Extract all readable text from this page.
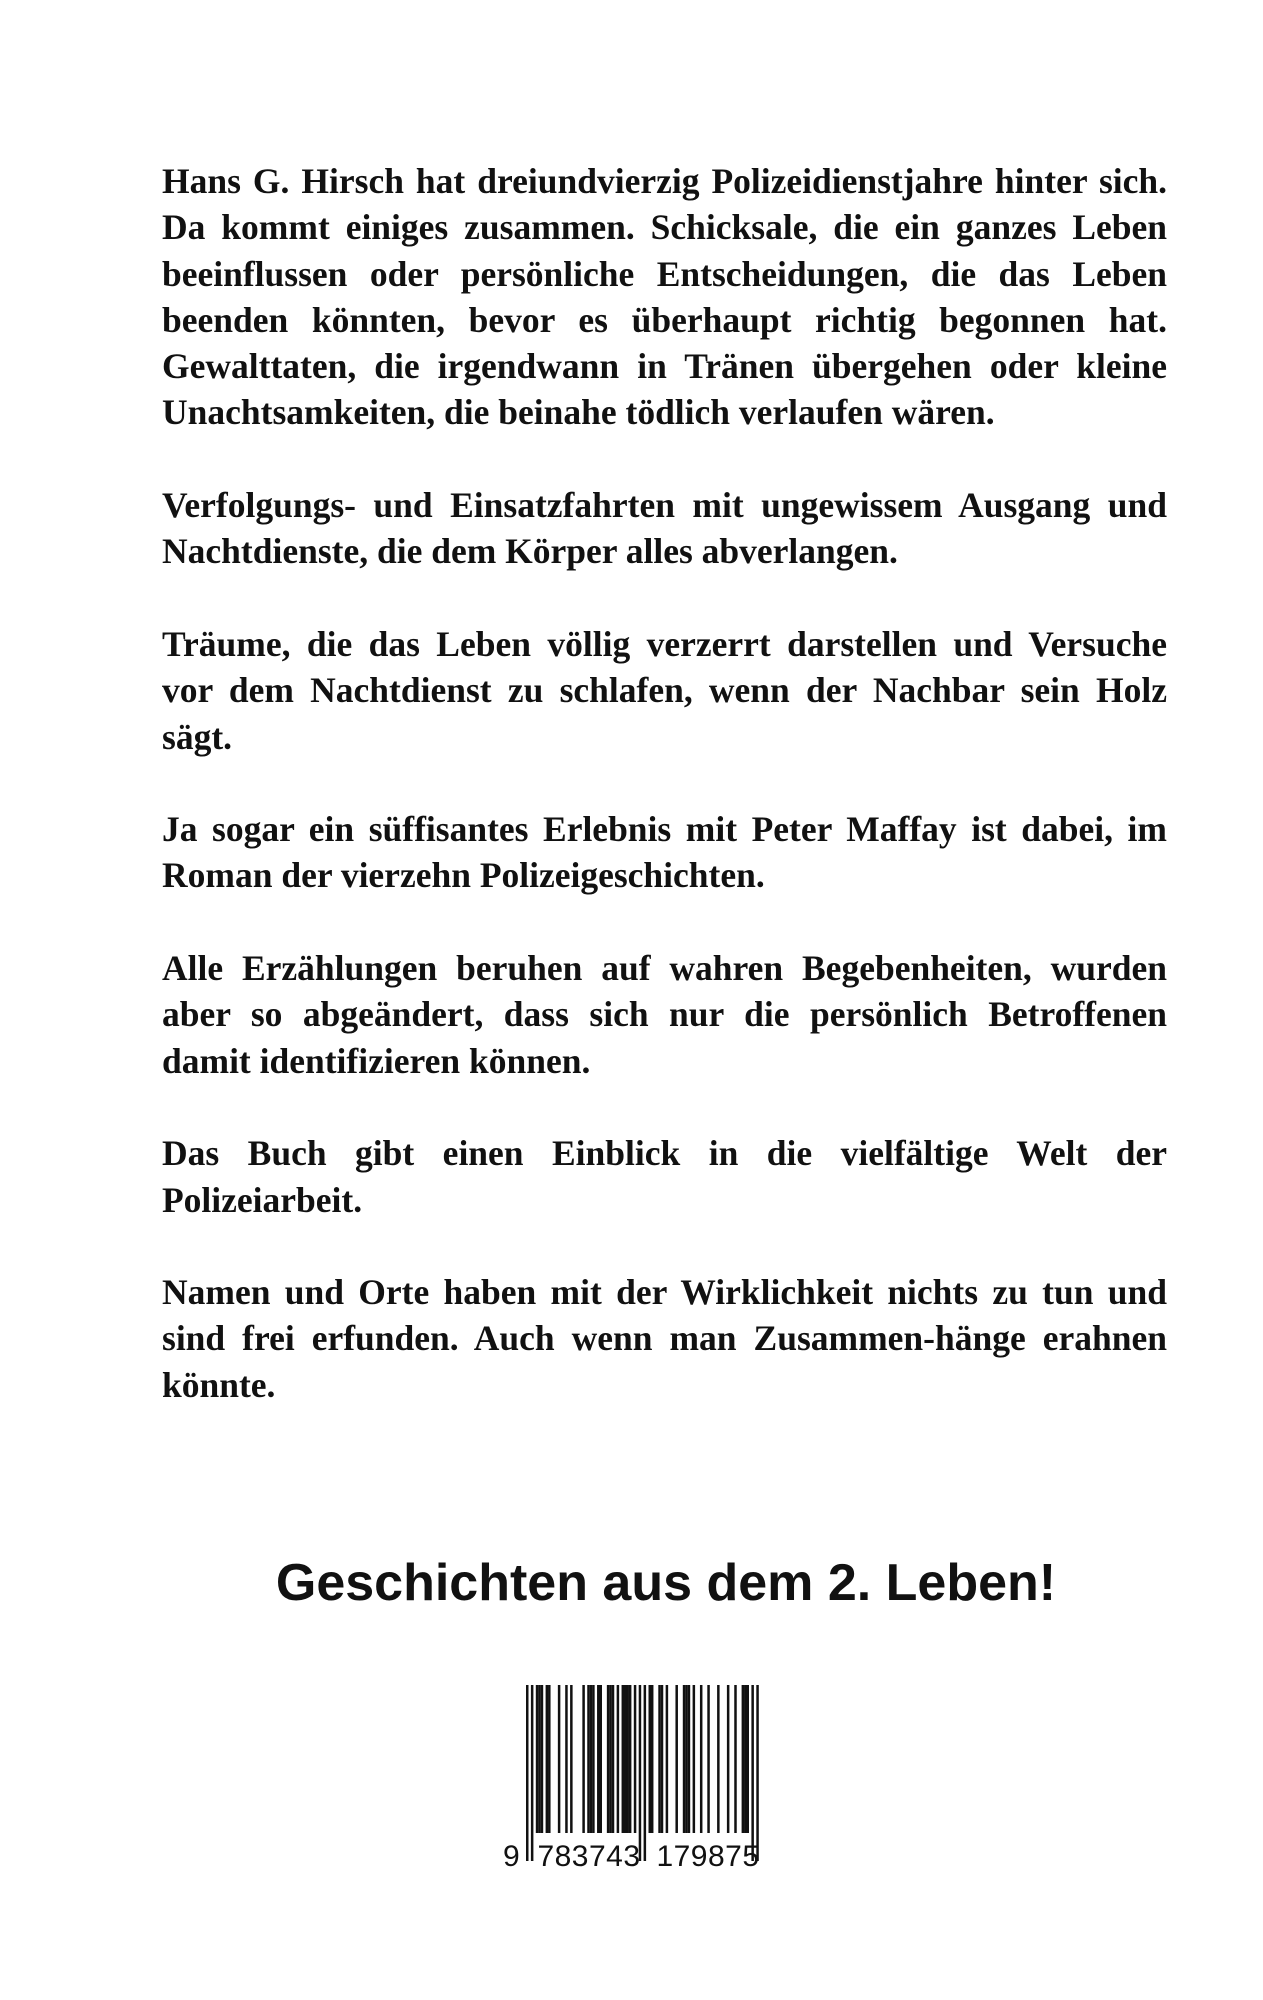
Hans G. Hirsch hat dreiundvierzig Polizeidienstjahre hinter sich. Da kommt einiges zusammen. Schicksale, die ein ganzes Leben beeinflussen oder persönliche Entscheidungen, die das Leben beenden könnten, bevor es überhaupt richtig begonnen hat. Gewalttaten, die irgendwann in Tränen übergehen oder kleine Unachtsamkeiten, die beinahe tödlich verlaufen wären.

Verfolgungs- und Einsatzfahrten mit ungewissem Ausgang und Nachtdienste, die dem Körper alles abverlangen.

Träume, die das Leben völlig verzerrt darstellen und Versuche vor dem Nachtdienst zu schlafen, wenn der Nachbar sein Holz sägt.

Ja sogar ein süffisantes Erlebnis mit Peter Maffay ist dabei, im Roman der vierzehn Polizeigeschichten.

Alle Erzählungen beruhen auf wahren Begebenheiten, wurden aber so abgeändert, dass sich nur die persönlich Betroffenen damit identifizieren können.

Das Buch gibt einen Einblick in die vielfältige Welt der Polizeiarbeit.

Namen und Orte haben mit der Wirklichkeit nichts zu tun und sind frei erfunden. Auch wenn man Zusammen-hänge erahnen könnte.

Geschichten aus dem 2. Leben!
9 783743 179875
